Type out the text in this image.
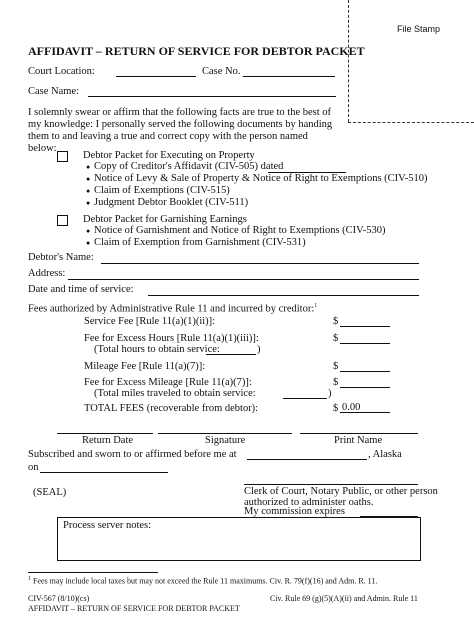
File Stamp
AFFIDAVIT – RETURN OF SERVICE FOR DEBTOR PACKET
Court Location:	Case No.
Case Name:
I solemnly swear or affirm that the following facts are true to the best of my knowledge: I personally served the following documents by handing them to and leaving a true and correct copy with the person named below:
Debtor Packet for Executing on Property
● Copy of Creditor's Affidavit (CIV-505) dated
● Notice of Levy & Sale of Property & Notice of Right to Exemptions (CIV-510)
● Claim of Exemptions (CIV-515)
● Judgment Debtor Booklet (CIV-511)
Debtor Packet for Garnishing Earnings
● Notice of Garnishment and Notice of Right to Exemptions (CIV-530)
● Claim of Exemption from Garnishment (CIV-531)
Debtor's Name:
Address:
Date and time of service:
Fees authorized by Administrative Rule 11 and incurred by creditor:$^1$
Service Fee [Rule 11(a)(1)(ii)]:	$
Fee for Excess Hours [Rule 11(a)(1)(iii)]:	$
(Total hours to obtain service:	)
Mileage Fee [Rule 11(a)(7)]:	$
Fee for Excess Mileage [Rule 11(a)(7)]:	$
(Total miles traveled to obtain service:	)
TOTAL FEES (recoverable from debtor):	$ 0.00
Return Date	Signature	Print Name
Subscribed and sworn to or affirmed before me at	, Alaska
on
(SEAL)	Clerk of Court, Notary Public, or other person
authorized to administer oaths.
My commission expires
Process server notes:
$^1$ Fees may include local taxes but may not exceed the Rule 11 maximums. Civ. R. 79(f)(16) and Adm. R. 11.
CIV-567 (8/10)(cs)
AFFIDAVIT – RETURN OF SERVICE FOR DEBTOR PACKET
Civ. Rule 69 (g)(5)(A)(ii) and Admin. Rule 11
